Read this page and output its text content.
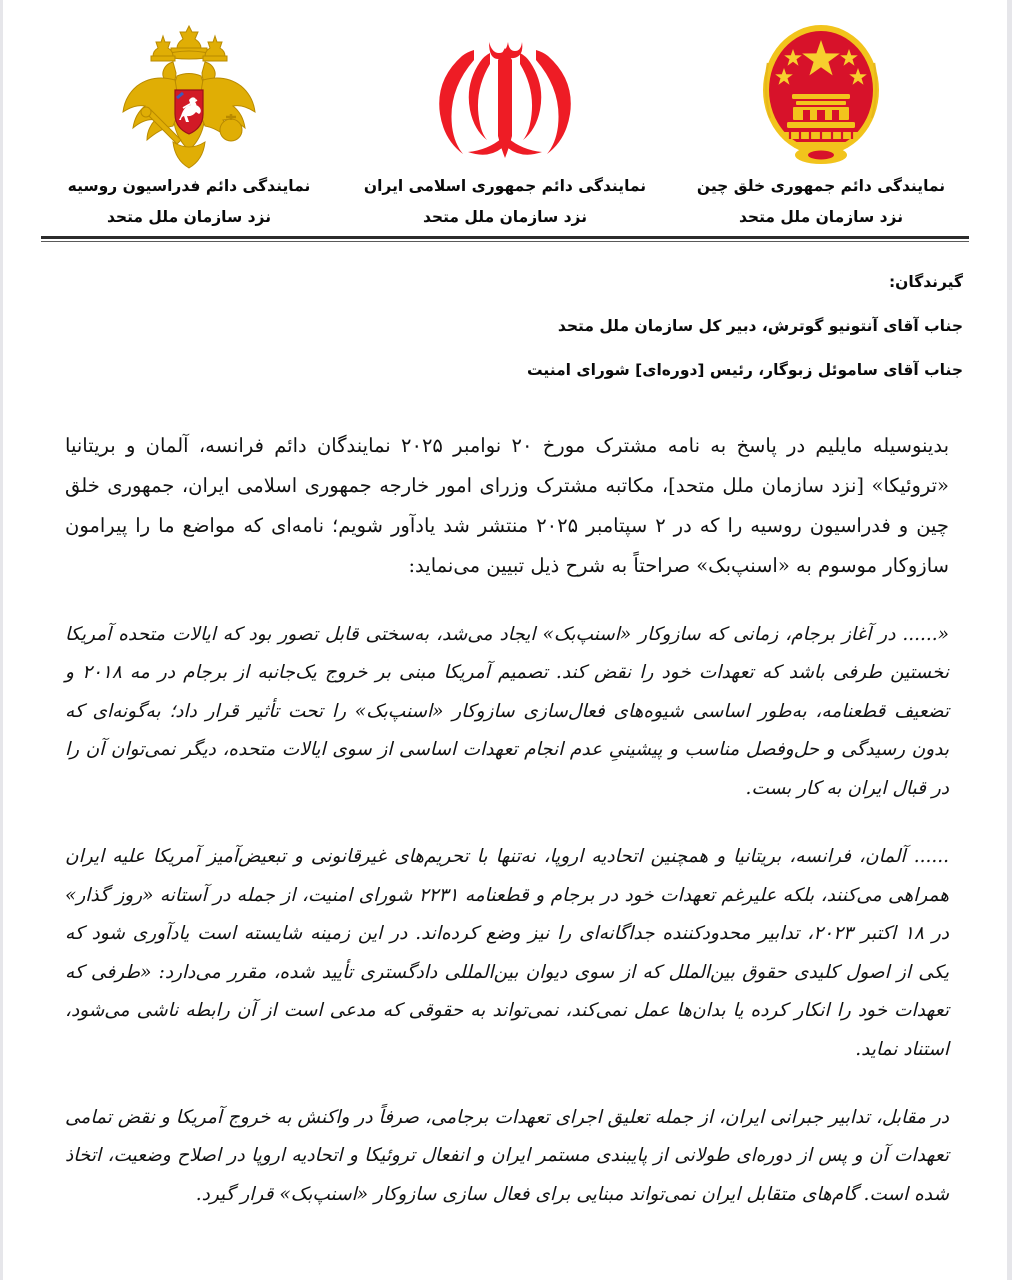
نمایندگی دائم جمهوری خلق چین
نزد سازمان ملل متحد
نمایندگی دائم جمهوری اسلامی ایران
نزد سازمان ملل متحد
نمایندگی دائم فدراسیون روسیه
نزد سازمان ملل متحد
گیرندگان:
جناب آقای آنتونیو گوترش، دبیر کل سازمان ملل متحد
جناب آقای ساموئل زبوگار، رئیس [دوره‌ای] شورای امنیت

بدینوسیله مایلیم در پاسخ به نامه مشترک مورخ ۲۰ نوامبر ۲۰۲۵ نمایندگان دائم فرانسه، آلمان و بریتانیا «تروئیکا» [نزد سازمان ملل متحد]، مکاتبه مشترک وزرای امور خارجه جمهوری اسلامی ایران، جمهوری خلق چین و فدراسیون روسیه را که در ۲ سپتامبر ۲۰۲۵ منتشر شد یادآور شویم؛ نامه‌ای که مواضع ما را پیرامون سازوکار موسوم به «اسنپ‌بک» صراحتاً به شرح ذیل تبیین می‌نماید:

«...... در آغاز برجام، زمانی که سازوکار «اسنپ‌بک» ایجاد می‌شد، به‌سختی قابل تصور بود که ایالات متحده آمریکا نخستین طرفی باشد که تعهدات خود را نقض کند. تصمیم آمریکا مبنی بر خروج یک‌جانبه از برجام در مه ۲۰۱۸ و تضعیف قطعنامه، به‌طور اساسی شیوه‌های فعال‌سازی سازوکار «اسنپ‌بک» را تحت تأثیر قرار داد؛ به‌گونه‌ای که بدون رسیدگی و حل‌وفصل مناسب و پیشینیِ عدم انجام تعهدات اساسی از سوی ایالات متحده، دیگر نمی‌توان آن را در قبال ایران به کار بست.

...... آلمان، فرانسه، بریتانیا و همچنین اتحادیه اروپا، نه‌تنها با تحریم‌های غیرقانونی و تبعیض‌آمیز آمریکا علیه ایران همراهی می‌کنند، بلکه علیرغم تعهدات خود در برجام و قطعنامه ۲۲۳۱ شورای امنیت، از جمله در آستانه «روز گذار» در ۱۸ اکتبر ۲۰۲۳، تدابیر محدودکننده جداگانه‌ای را نیز وضع کرده‌اند. در این زمینه شایسته است یادآوری شود که یکی از اصول کلیدی حقوق بین‌الملل که از سوی دیوان بین‌المللی دادگستری تأیید شده، مقرر می‌دارد: «طرفی که تعهدات خود را انکار کرده یا بدان‌ها عمل نمی‌کند، نمی‌تواند به حقوقی که مدعی است از آن رابطه ناشی می‌شود، استناد نماید.

در مقابل، تدابیر جبرانی ایران، از جمله تعلیق اجرای تعهدات برجامی، صرفاً در واکنش به خروج آمریکا و نقض تمامی تعهدات آن و پس از دوره‌ای طولانی از پایبندی مستمر ایران و انفعال تروئیکا و اتحادیه اروپا در اصلاح وضعیت، اتخاذ شده است. گام‌های متقابل ایران نمی‌تواند مبنایی برای فعال سازی سازوکار «اسنپ‌بک» قرار گیرد.
